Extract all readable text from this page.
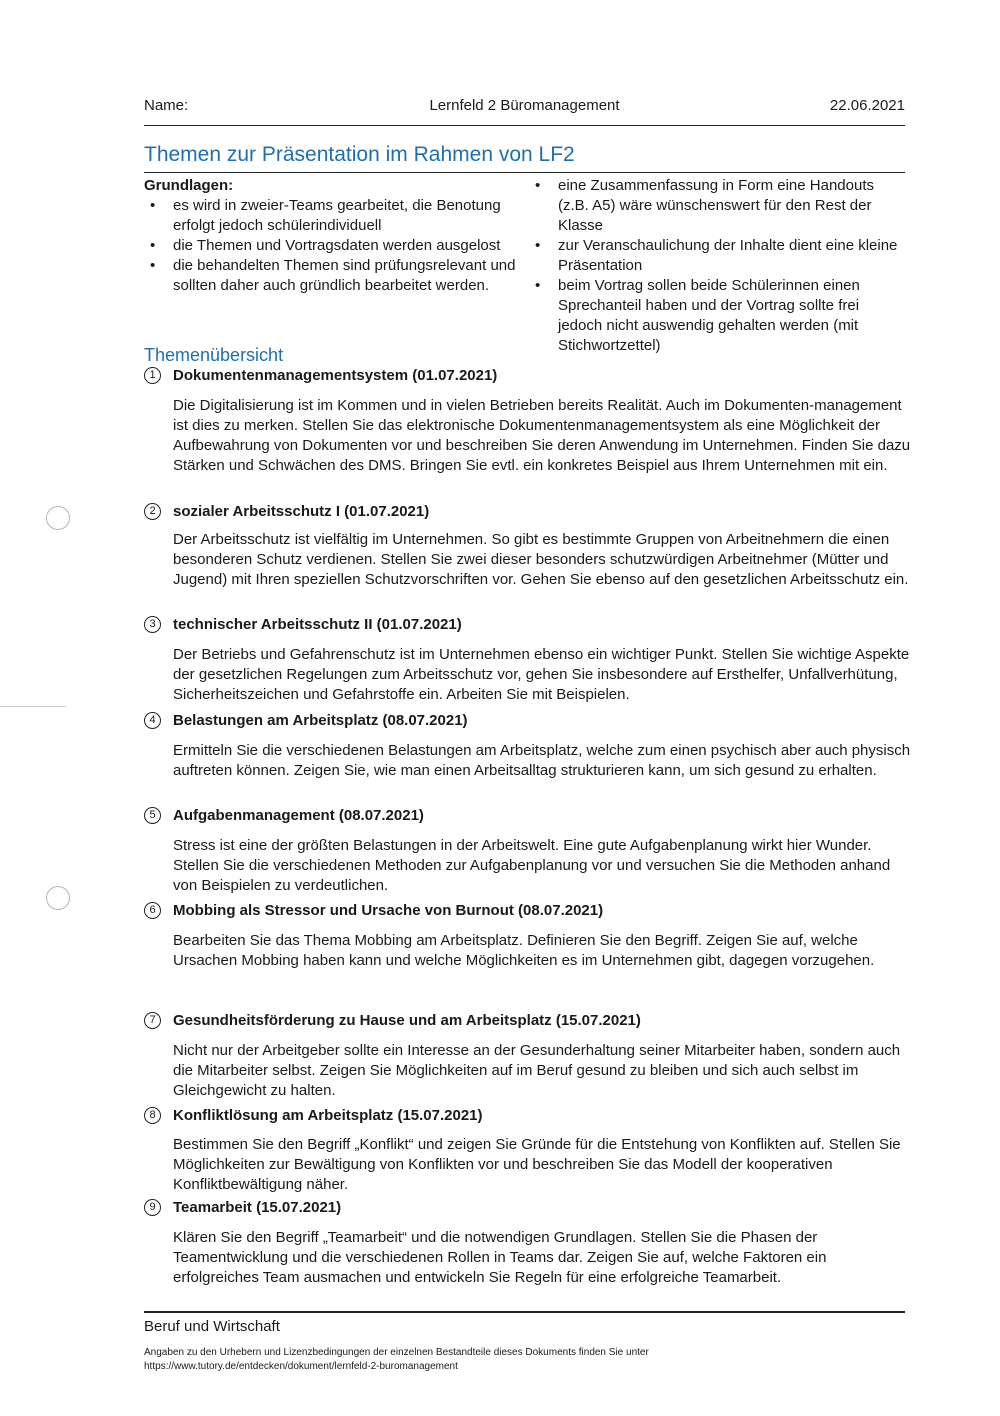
Name:	Lernfeld 2 Büromanagement	22.06.2021
Themen zur Präsentation im Rahmen von LF2
Grundlagen:
• es wird in zweier-Teams gearbeitet, die Benotung erfolgt jedoch schülerindividuell
• die Themen und Vortragsdaten werden ausgelost
• die behandelten Themen sind prüfungsrelevant und sollten daher auch gründlich bearbeitet werden.
• eine Zusammenfassung in Form eine Handouts (z.B. A5) wäre wünschenswert für den Rest der Klasse
• zur Veranschaulichung der Inhalte dient eine kleine Präsentation
• beim Vortrag sollen beide Schülerinnen einen Sprechanteil haben und der Vortrag sollte frei jedoch nicht auswendig gehalten werden (mit Stichwortzettel)
Themenübersicht
1	Dokumentenmanagementsystem (01.07.2021)
Die Digitalisierung ist im Kommen und in vielen Betrieben bereits Realität. Auch im Dokumenten-management ist dies zu merken. Stellen Sie das elektronische Dokumentenmanagementsystem als eine Möglichkeit der Aufbewahrung von Dokumenten vor und beschreiben Sie deren Anwendung im Unternehmen. Finden Sie dazu Stärken und Schwächen des DMS. Bringen Sie evtl. ein konkretes Beispiel aus Ihrem Unternehmen mit ein.
2	sozialer Arbeitsschutz I (01.07.2021)
Der Arbeitsschutz ist vielfältig im Unternehmen. So gibt es bestimmte Gruppen von Arbeitnehmern die einen besonderen Schutz verdienen. Stellen Sie zwei dieser besonders schutzwürdigen Arbeitnehmer (Mütter und Jugend) mit Ihren speziellen Schutzvorschriften vor. Gehen Sie ebenso auf den gesetzlichen Arbeitsschutz ein.
3	technischer Arbeitsschutz II (01.07.2021)
Der Betriebs und Gefahrenschutz ist im Unternehmen ebenso ein wichtiger Punkt. Stellen Sie wichtige Aspekte der gesetzlichen Regelungen zum Arbeitsschutz vor, gehen Sie insbesondere auf Ersthelfer, Unfallverhütung, Sicherheitszeichen und Gefahrstoffe ein. Arbeiten Sie mit Beispielen.
4	Belastungen am Arbeitsplatz (08.07.2021)
Ermitteln Sie die verschiedenen Belastungen am Arbeitsplatz, welche zum einen psychisch aber auch physisch auftreten können. Zeigen Sie, wie man einen Arbeitsalltag strukturieren kann, um sich gesund zu erhalten.
5	Aufgabenmanagement (08.07.2021)
Stress ist eine der größten Belastungen in der Arbeitswelt. Eine gute Aufgabenplanung wirkt hier Wunder. Stellen Sie die verschiedenen Methoden zur Aufgabenplanung vor und versuchen Sie die Methoden anhand von Beispielen zu verdeutlichen.
6	Mobbing als Stressor und Ursache von Burnout (08.07.2021)
Bearbeiten Sie das Thema Mobbing am Arbeitsplatz. Definieren Sie den Begriff. Zeigen Sie auf, welche Ursachen Mobbing haben kann und welche Möglichkeiten es im Unternehmen gibt, dagegen vorzugehen.
7	Gesundheitsförderung zu Hause und am Arbeitsplatz (15.07.2021)
Nicht nur der Arbeitgeber sollte ein Interesse an der Gesunderhaltung seiner Mitarbeiter haben, sondern auch die Mitarbeiter selbst. Zeigen Sie Möglichkeiten auf im Beruf gesund zu bleiben und sich auch selbst im Gleichgewicht zu halten.
8	Konfliktlösung am Arbeitsplatz (15.07.2021)
Bestimmen Sie den Begriff „Konflikt“ und zeigen Sie Gründe für die Entstehung von Konflikten auf. Stellen Sie Möglichkeiten zur Bewältigung von Konflikten vor und beschreiben Sie das Modell der kooperativen Konfliktbewältigung näher.
9	Teamarbeit (15.07.2021)
Klären Sie den Begriff „Teamarbeit“ und die notwendigen Grundlagen. Stellen Sie die Phasen der Teamentwicklung und die verschiedenen Rollen in Teams dar. Zeigen Sie auf, welche Faktoren ein erfolgreiches Team ausmachen und entwickeln Sie Regeln für eine erfolgreiche Teamarbeit.
Beruf und Wirtschaft
Angaben zu den Urhebern und Lizenzbedingungen der einzelnen Bestandteile dieses Dokuments finden Sie unter
https://www.tutory.de/entdecken/dokument/lernfeld-2-buromanagement
